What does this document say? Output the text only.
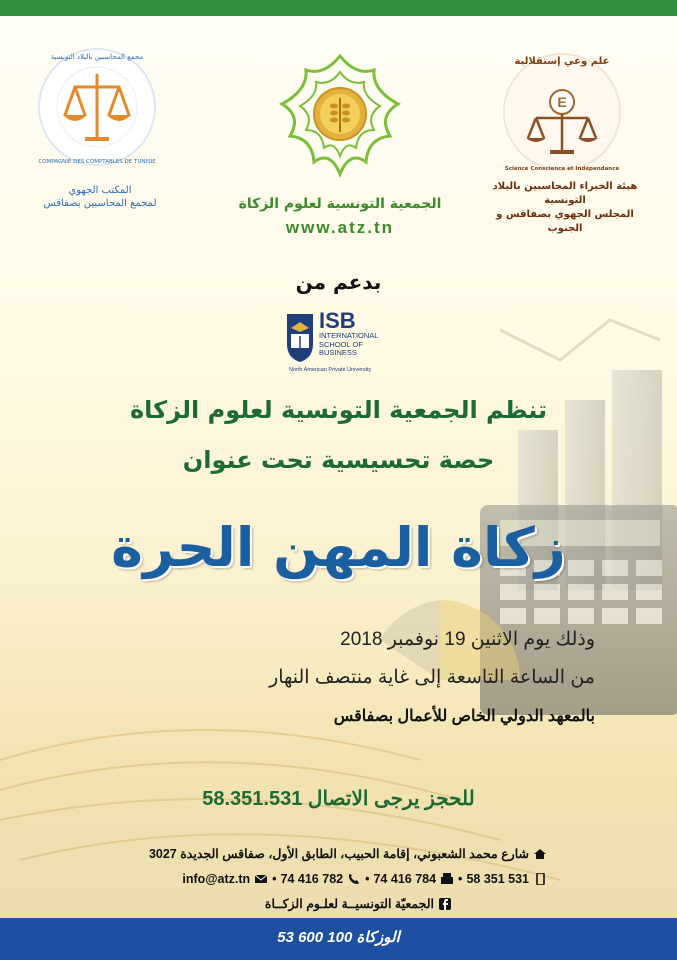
مجمع المحاسبين بالبلاد التونسية
COMPAGNIE DES COMPTABLES DE TUNISIE
المكتب الجهوي
لمجمع المحاسبين بصفاقس	الجمعية التونسية لعلوم الزكاة
www.atz.tn
E
علم وعي إستقلالية
Science Conscience et Indépendance
هيئة الخبراء المحاسبين بالبلاد التونسية
المجلس الجهوي بصفاقس و الجنوب
بدعم من
ISB
INTERNATIONAL
SCHOOL OF
BUSINESS
North American Private University
تنظم الجمعية التونسية لعلوم الزكاة
حصة تحسيسية تحت عنوان
زكاة المهن الحرة
وذلك يوم الاثنين 19 نوفمبر 2018
من الساعة التاسعة إلى غاية منتصف النهار
بالمعهد الدولي الخاص للأعمال بصفاقس
للحجز يرجى الاتصال 58.351.531
شارع محمد الشعبوني، إقامة الحبيب، الطابق الأول، صفاقس الجديدة 3027
58 351 531
•
74 416 784
•
74 416 782
•
info@atz.tn
الجمعيّة التونسيــة لعلـوم الزكــاة
الوزكاة 100 600 53
